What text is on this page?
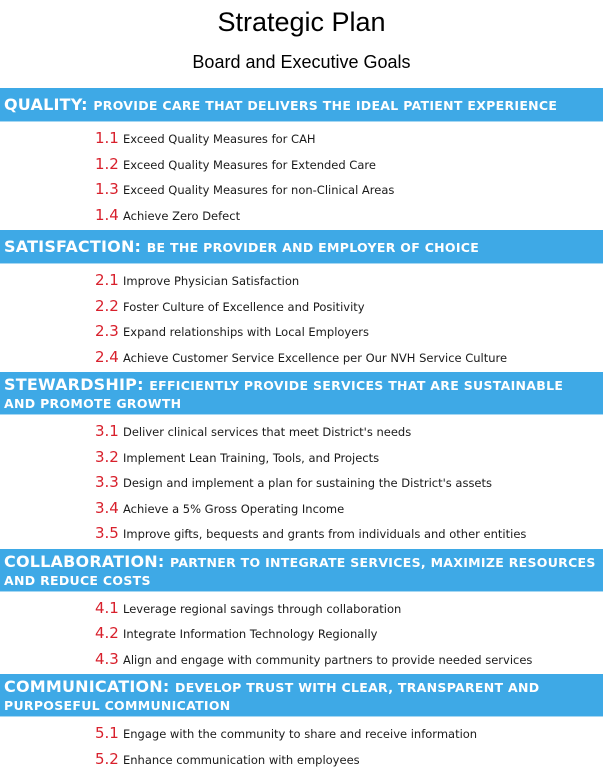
Strategic Plan
Board and Executive Goals
QUALITY: PROVIDE CARE THAT DELIVERS THE IDEAL PATIENT EXPERIENCE
1.1 Exceed Quality Measures for CAH
1.2 Exceed Quality Measures for Extended Care
1.3 Exceed Quality Measures for non-Clinical Areas
1.4 Achieve Zero Defect
SATISFACTION: BE THE PROVIDER AND EMPLOYER OF CHOICE
2.1 Improve Physician Satisfaction
2.2 Foster Culture of Excellence and Positivity
2.3 Expand relationships with Local Employers
2.4 Achieve Customer Service Excellence per Our NVH Service Culture
STEWARDSHIP: EFFICIENTLY PROVIDE SERVICES THAT ARE SUSTAINABLE AND PROMOTE GROWTH
3.1 Deliver clinical services that meet District's needs
3.2 Implement Lean Training, Tools, and Projects
3.3 Design and implement a plan for sustaining the District's assets
3.4 Achieve a 5% Gross Operating Income
3.5 Improve gifts, bequests and grants from individuals and other entities
COLLABORATION: PARTNER TO INTEGRATE SERVICES, MAXIMIZE RESOURCES AND REDUCE COSTS
4.1 Leverage regional savings through collaboration
4.2 Integrate Information Technology Regionally
4.3 Align and engage with community partners to provide needed services
COMMUNICATION: DEVELOP TRUST WITH CLEAR, TRANSPARENT AND PURPOSEFUL COMMUNICATION
5.1 Engage with the community to share and receive information
5.2 Enhance communication with employees
